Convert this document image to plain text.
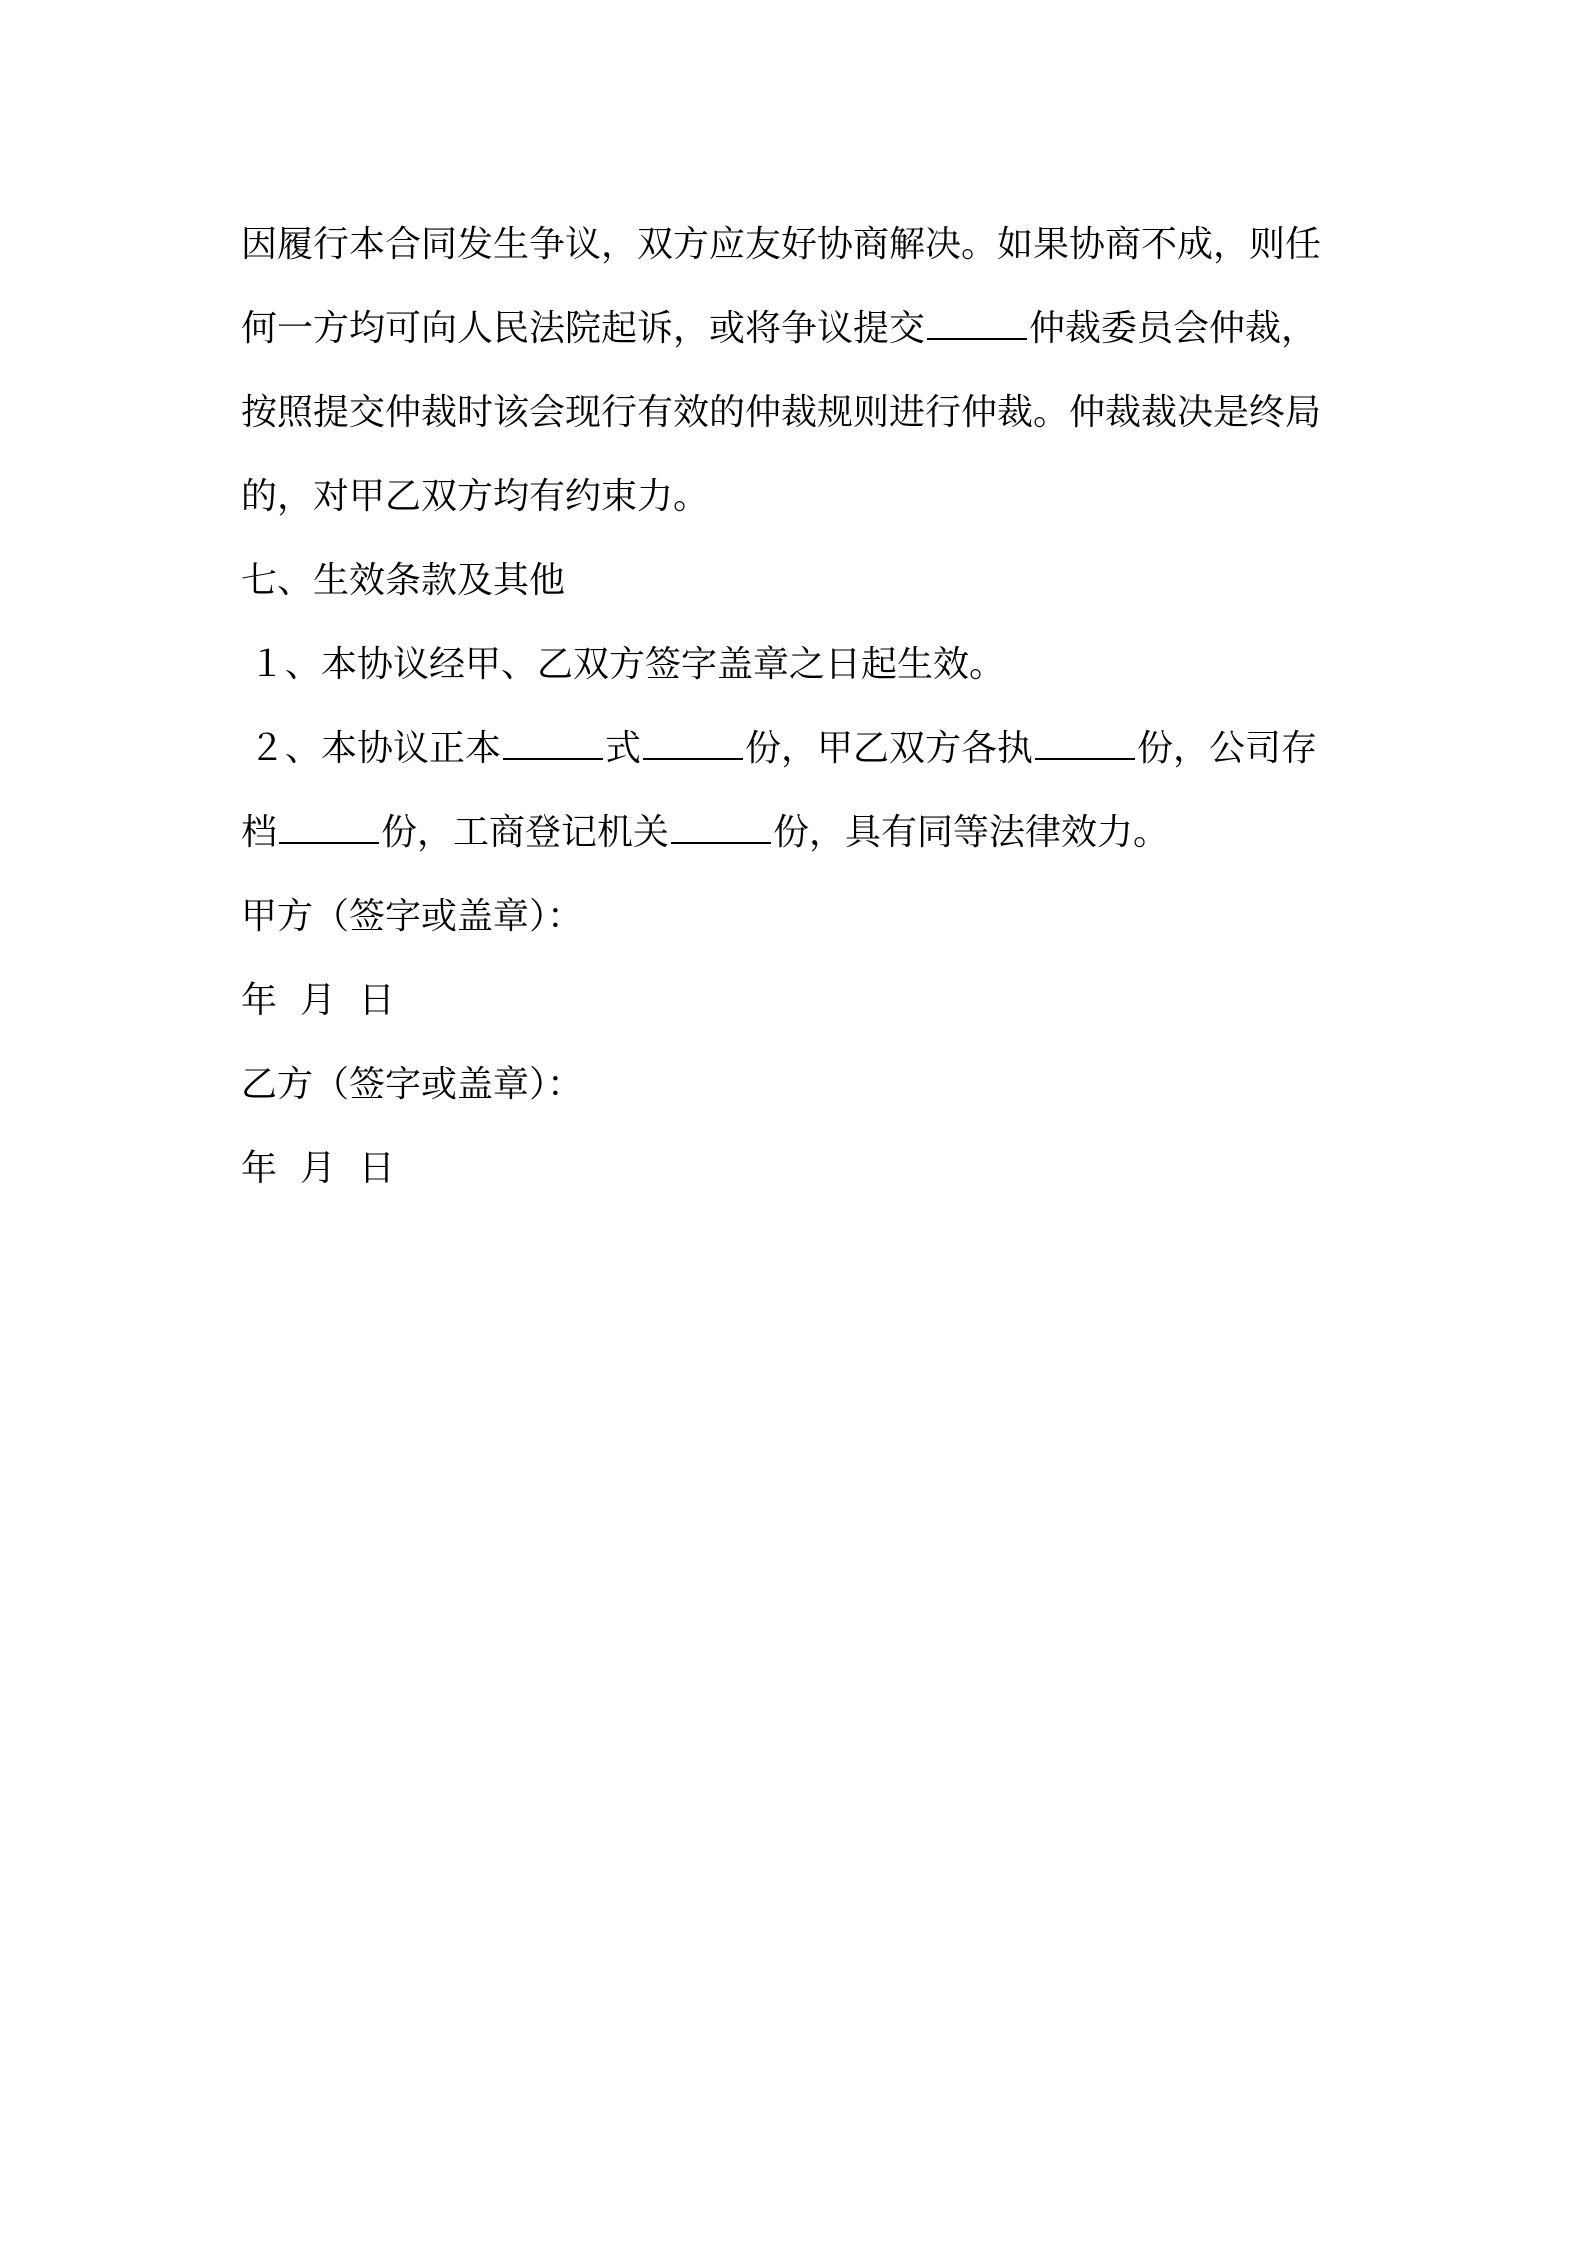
因履行本合同发生争议，双方应友好协商解决。如果协商不成，则任
何一方均可向人民法院起诉，或将争议提交	仲裁委员会仲裁，
按照提交仲裁时该会现行有效的仲裁规则进行仲裁。仲裁裁决是终局
的，对甲乙双方均有约束力。
七、生效条款及其他
１、本协议经甲、乙双方签字盖章之日起生效。
２、本协议正本	式	份，甲乙双方各执	份，公司存
档	份，工商登记机关	份，具有同等法律效力。
甲方（签字或盖章）：
年  月  日
乙方（签字或盖章）：
年  月  日
